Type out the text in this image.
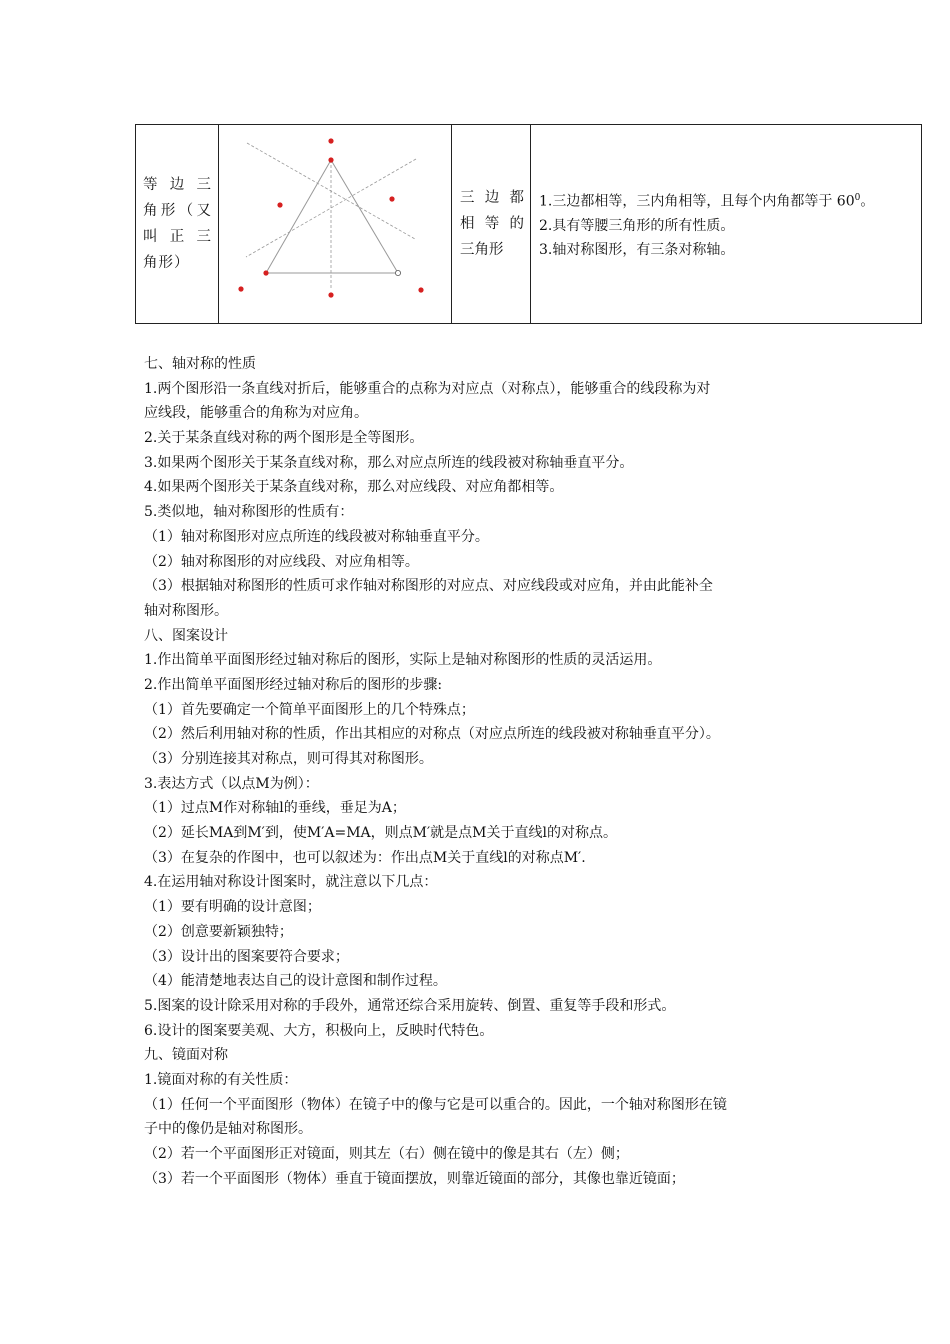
等 边 三
角形（又
叫 正 三
角形）

三 边 都
相 等 的
三角形

1.三边都相等，三内角相等，且每个内角都等于 $60^0$。
2.具有等腰三角形的所有性质。
3.轴对称图形，有三条对称轴。
七、轴对称的性质
1.两个图形沿一条直线对折后，能够重合的点称为对应点（对称点），能够重合的线段称为对
应线段，能够重合的角称为对应角。
2.关于某条直线对称的两个图形是全等图形。
3.如果两个图形关于某条直线对称，那么对应点所连的线段被对称轴垂直平分。
4.如果两个图形关于某条直线对称，那么对应线段、对应角都相等。
5.类似地，轴对称图形的性质有：
（1）轴对称图形对应点所连的线段被对称轴垂直平分。
（2）轴对称图形的对应线段、对应角相等。
（3）根据轴对称图形的性质可求作轴对称图形的对应点、对应线段或对应角，并由此能补全
轴对称图形。
八、图案设计
1.作出简单平面图形经过轴对称后的图形，实际上是轴对称图形的性质的灵活运用。
2.作出简单平面图形经过轴对称后的图形的步骤:
（1）首先要确定一个简单平面图形上的几个特殊点；
（2）然后利用轴对称的性质，作出其相应的对称点（对应点所连的线段被对称轴垂直平分）。
（3）分别连接其对称点，则可得其对称图形。
3.表达方式（以点M为例）：
（1）过点M作对称轴l的垂线，垂足为A；
（2）延长MA到M′到，使M′A=MA，则点M′就是点M关于直线l的对称点。
（3）在复杂的作图中，也可以叙述为：作出点M关于直线l的对称点M′.
4.在运用轴对称设计图案时，就注意以下几点：
（1）要有明确的设计意图；
（2）创意要新颖独特；
（3）设计出的图案要符合要求；
（4）能清楚地表达自己的设计意图和制作过程。
5.图案的设计除采用对称的手段外，通常还综合采用旋转、倒置、重复等手段和形式。
6.设计的图案要美观、大方，积极向上，反映时代特色。
九、镜面对称
1.镜面对称的有关性质：
（1）任何一个平面图形（物体）在镜子中的像与它是可以重合的。因此，一个轴对称图形在镜
子中的像仍是轴对称图形。
（2）若一个平面图形正对镜面，则其左（右）侧在镜中的像是其右（左）侧；
（3）若一个平面图形（物体）垂直于镜面摆放，则靠近镜面的部分，其像也靠近镜面；
